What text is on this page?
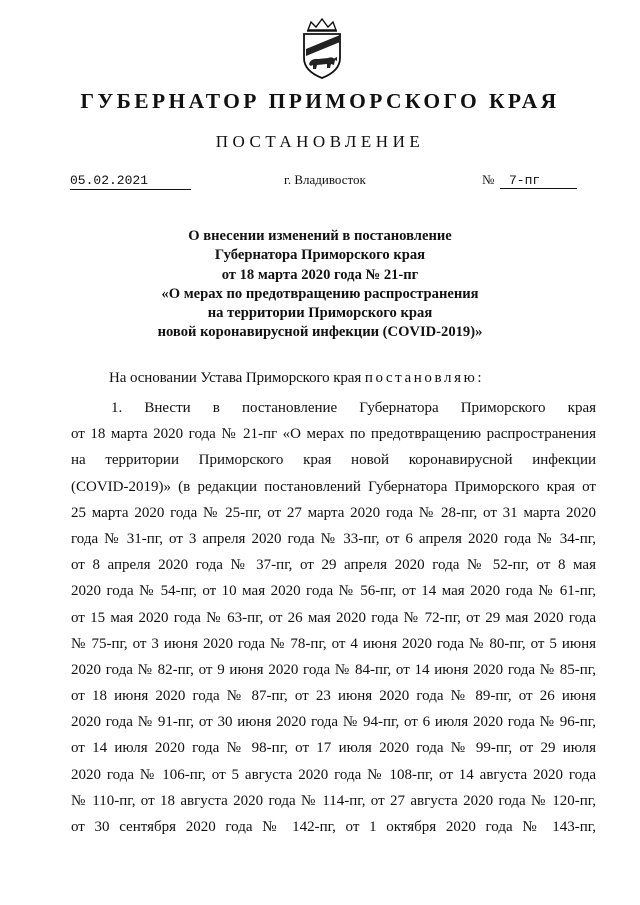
ГУБЕРНАТОР ПРИМОРСКОГО КРАЯ
ПОСТАНОВЛЕНИЕ
05.02.2021	г. Владивосток	№	7-пг
О внесении изменений в постановление
Губернатора Приморского края
от 18 марта 2020 года № 21-пг
«О мерах по предотвращению распространения
на территории Приморского края
новой коронавирусной инфекции (COVID-2019)»
На основании Устава Приморского края постановляю:
1. Внести в постановление Губернатора Приморского края
от 18 марта 2020 года № 21-пг «О мерах по предотвращению распространения
на территории Приморского края новой коронавирусной инфекции
(COVID-2019)» (в редакции постановлений Губернатора Приморского края от
25 марта 2020 года № 25-пг, от 27 марта 2020 года № 28-пг, от 31 марта 2020
года № 31-пг, от 3 апреля 2020 года № 33-пг, от 6 апреля 2020 года № 34-пг,
от 8 апреля 2020 года № 37-пг, от 29 апреля 2020 года № 52-пг, от 8 мая
2020 года № 54-пг, от 10 мая 2020 года № 56-пг, от 14 мая 2020 года № 61-пг,
от 15 мая 2020 года № 63-пг, от 26 мая 2020 года № 72-пг, от 29 мая 2020 года
№ 75-пг, от 3 июня 2020 года № 78-пг, от 4 июня 2020 года № 80-пг, от 5 июня
2020 года № 82-пг, от 9 июня 2020 года № 84-пг, от 14 июня 2020 года № 85-пг,
от 18 июня 2020 года № 87-пг, от 23 июня 2020 года № 89-пг, от 26 июня
2020 года № 91-пг, от 30 июня 2020 года № 94-пг, от 6 июля 2020 года № 96-пг,
от 14 июля 2020 года № 98-пг, от 17 июля 2020 года № 99-пг, от 29 июля
2020 года № 106-пг, от 5 августа 2020 года № 108-пг, от 14 августа 2020 года
№ 110-пг, от 18 августа 2020 года № 114-пг, от 27 августа 2020 года № 120-пг,
от 30 сентября 2020 года № 142-пг, от 1 октября 2020 года № 143-пг,
